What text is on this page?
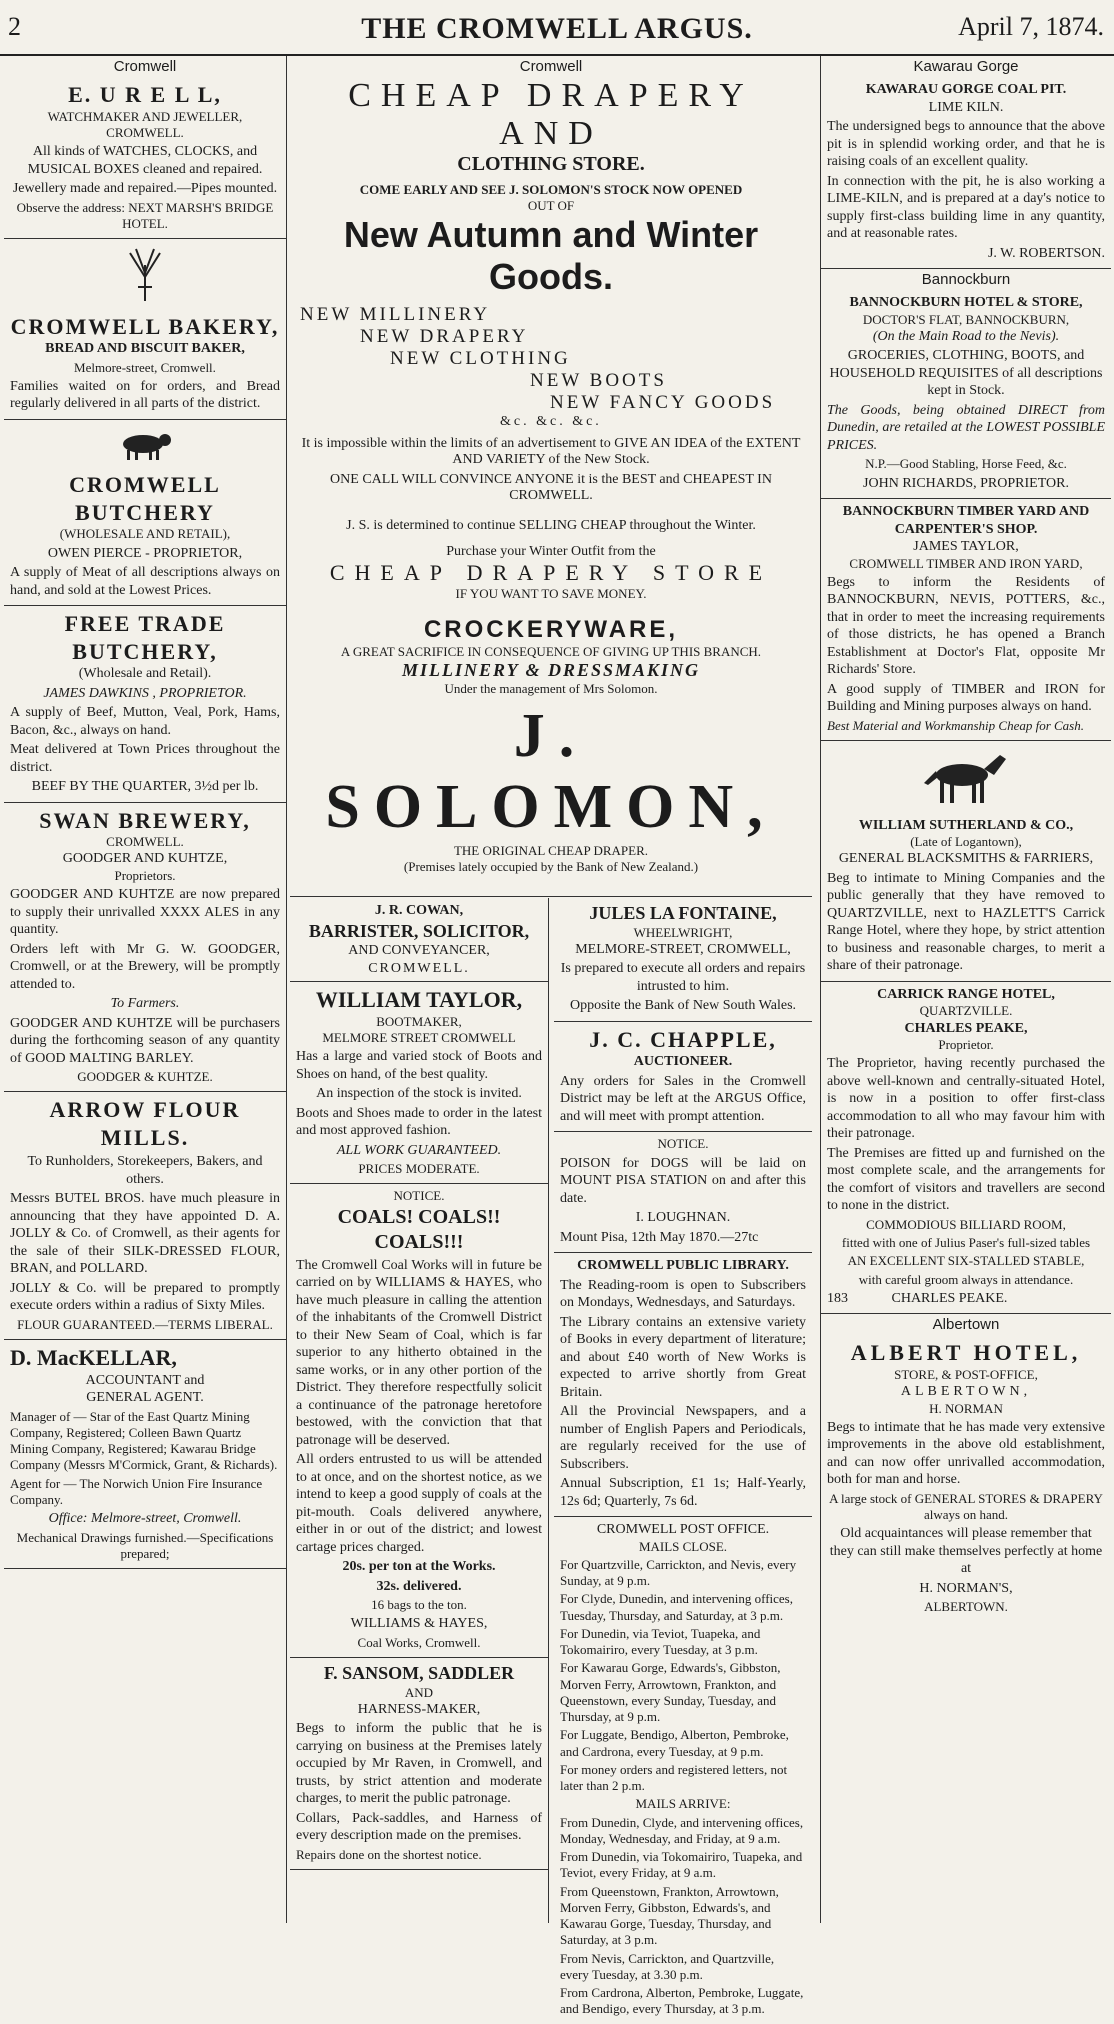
2	THE CROMWELL ARGUS.	April 7, 1874.
Cromwell
E. U R E L L,
WATCHMAKER AND JEWELLER, CROMWELL.

All kinds of WATCHES, CLOCKS, and MUSICAL BOXES cleaned and repaired.

Jewellery made and repaired.—Pipes mounted.

Observe the address: NEXT MARSH'S BRIDGE HOTEL.

CROMWELL BAKERY,
BREAD AND BISCUIT BAKER,

Melmore-street, Cromwell.

Families waited on for orders, and Bread regularly delivered in all parts of the district.

CROMWELL BUTCHERY
(WHOLESALE AND RETAIL),

OWEN PIERCE - PROPRIETOR,

A supply of Meat of all descriptions always on hand, and sold at the Lowest Prices.

FREE TRADE BUTCHERY,
(Wholesale and Retail).

JAMES DAWKINS , PROPRIETOR.

A supply of Beef, Mutton, Veal, Pork, Hams, Bacon, &c., always on hand.

Meat delivered at Town Prices throughout the district.

BEEF BY THE QUARTER, 3½d per lb.

SWAN BREWERY,
CROMWELL.
GOODGER AND KUHTZE,
Proprietors.

GOODGER AND KUHTZE are now prepared to supply their unrivalled XXXX ALES in any quantity.

Orders left with Mr G. W. GOODGER, Cromwell, or at the Brewery, will be promptly attended to.

To Farmers.

GOODGER AND KUHTZE will be purchasers during the forthcoming season of any quantity of GOOD MALTING BARLEY.

GOODGER & KUHTZE.

ARROW FLOUR MILLS.

To Runholders, Storekeepers, Bakers, and others.

Messrs BUTEL BROS. have much pleasure in announcing that they have appointed D. A. JOLLY & Co. of Cromwell, as their agents for the sale of their SILK-DRESSED FLOUR, BRAN, and POLLARD.

JOLLY & Co. will be prepared to promptly execute orders within a radius of Sixty Miles.

FLOUR GUARANTEED.—TERMS LIBERAL.

D. MacKELLAR,
ACCOUNTANT and
GENERAL AGENT.

Manager of — Star of the East Quartz Mining Company, Registered; Colleen Bawn Quartz Mining Company, Registered; Kawarau Bridge Company (Messrs M'Cormick, Grant, & Richards).

Agent for — The Norwich Union Fire Insurance Company.

Office: Melmore-street, Cromwell.

Mechanical Drawings furnished.—Specifications prepared;

Cromwell
CHEAP DRAPERY AND
CLOTHING STORE.
COME EARLY AND SEE J. SOLOMON'S STOCK NOW OPENED
OUT OF
New Autumn and Winter Goods.
NEW MILLINERY
NEW DRAPERY
NEW CLOTHING
NEW BOOTS
NEW FANCY GOODS
&c. &c. &c.
It is impossible within the limits of an advertisement to GIVE AN IDEA of the EXTENT AND VARIETY of the New Stock.
ONE CALL WILL CONVINCE ANYONE it is the BEST and CHEAPEST IN CROMWELL.
J. S. is determined to continue SELLING CHEAP throughout the Winter.
Purchase your Winter Outfit from the
CHEAP DRAPERY STORE
IF YOU WANT TO SAVE MONEY.
CROCKERYWARE,
A GREAT SACRIFICE IN CONSEQUENCE OF GIVING UP THIS BRANCH.
MILLINERY & DRESSMAKING
Under the management of Mrs Solomon.
J. SOLOMON,
THE ORIGINAL CHEAP DRAPER.
(Premises lately occupied by the Bank of New Zealand.)
J. R. COWAN,
BARRISTER, SOLICITOR,
AND CONVEYANCER,
CROMWELL.
WILLIAM TAYLOR,
BOOTMAKER,
MELMORE STREET CROMWELL

Has a large and varied stock of Boots and Shoes on hand, of the best quality.

An inspection of the stock is invited.

Boots and Shoes made to order in the latest and most approved fashion.

ALL WORK GUARANTEED.

PRICES MODERATE.

NOTICE.
COALS! COALS!! COALS!!!

The Cromwell Coal Works will in future be carried on by WILLIAMS & HAYES, who have much pleasure in calling the attention of the inhabitants of the Cromwell District to their New Seam of Coal, which is far superior to any hitherto obtained in the same works, or in any other portion of the District. They therefore respectfully solicit a continuance of the patronage heretofore bestowed, with the conviction that that patronage will be deserved.

All orders entrusted to us will be attended to at once, and on the shortest notice, as we intend to keep a good supply of coals at the pit-mouth. Coals delivered anywhere, either in or out of the district; and lowest cartage prices charged.

20s. per ton at the Works.

32s. delivered.

16 bags to the ton.

WILLIAMS & HAYES,

Coal Works, Cromwell.

F. SANSOM, SADDLER
AND
HARNESS-MAKER,

Begs to inform the public that he is carrying on business at the Premises lately occupied by Mr Raven, in Cromwell, and trusts, by strict attention and moderate charges, to merit the public patronage.

Collars, Pack-saddles, and Harness of every description made on the premises.

Repairs done on the shortest notice.

JULES LA FONTAINE,
WHEELWRIGHT,
MELMORE-STREET, CROMWELL,

Is prepared to execute all orders and repairs intrusted to him.

Opposite the Bank of New South Wales.

J. C. CHAPPLE,
AUCTIONEER.

Any orders for Sales in the Cromwell District may be left at the ARGUS Office, and will meet with prompt attention.

NOTICE.

POISON for DOGS will be laid on MOUNT PISA STATION on and after this date.

I. LOUGHNAN.

Mount Pisa, 12th May 1870.—27tc

CROMWELL PUBLIC LIBRARY.

The Reading-room is open to Subscribers on Mondays, Wednesdays, and Saturdays.

The Library contains an extensive variety of Books in every department of literature; and about £40 worth of New Works is expected to arrive shortly from Great Britain.

All the Provincial Newspapers, and a number of English Papers and Periodicals, are regularly received for the use of Subscribers.

Annual Subscription, £1 1s; Half-Yearly, 12s 6d; Quarterly, 7s 6d.

CROMWELL POST OFFICE.
MAILS CLOSE.

For Quartzville, Carrickton, and Nevis, every Sunday, at 9 p.m.

For Clyde, Dunedin, and intervening offices, Tuesday, Thursday, and Saturday, at 3 p.m.

For Dunedin, via Teviot, Tuapeka, and Tokomairiro, every Tuesday, at 3 p.m.

For Kawarau Gorge, Edwards's, Gibbston, Morven Ferry, Arrowtown, Frankton, and Queenstown, every Sunday, Tuesday, and Thursday, at 9 p.m.

For Luggate, Bendigo, Alberton, Pembroke, and Cardrona, every Tuesday, at 9 p.m.

For money orders and registered letters, not later than 2 p.m.

MAILS ARRIVE:

From Dunedin, Clyde, and intervening offices, Monday, Wednesday, and Friday, at 9 a.m.

From Dunedin, via Tokomairiro, Tuapeka, and Teviot, every Friday, at 9 a.m.

From Queenstown, Frankton, Arrowtown, Morven Ferry, Gibbston, Edwards's, and Kawarau Gorge, Tuesday, Thursday, and Saturday, at 3 p.m.

From Nevis, Carrickton, and Quartzville, every Tuesday, at 3.30 p.m.

From Cardrona, Alberton, Pembroke, Luggate, and Bendigo, every Thursday, at 3 p.m.

Kawarau Gorge
KAWARAU GORGE COAL PIT.
LIME KILN.

The undersigned begs to announce that the above pit is in splendid working order, and that he is raising coals of an excellent quality.

In connection with the pit, he is also working a LIME-KILN, and is prepared at a day's notice to supply first-class building lime in any quantity, and at reasonable rates.

J. W. ROBERTSON.

Bannockburn
BANNOCKBURN HOTEL & STORE,
DOCTOR'S FLAT, BANNOCKBURN,
(On the Main Road to the Nevis).

GROCERIES, CLOTHING, BOOTS, and HOUSEHOLD REQUISITES of all descriptions kept in Stock.

The Goods, being obtained DIRECT from Dunedin, are retailed at the LOWEST POSSIBLE PRICES.

N.P.—Good Stabling, Horse Feed, &c.

JOHN RICHARDS, PROPRIETOR.

BANNOCKBURN TIMBER YARD AND CARPENTER'S SHOP.
JAMES TAYLOR,
CROMWELL TIMBER AND IRON YARD,

Begs to inform the Residents of BANNOCKBURN, NEVIS, POTTERS, &c., that in order to meet the increasing requirements of those districts, he has opened a Branch Establishment at Doctor's Flat, opposite Mr Richards' Store.

A good supply of TIMBER and IRON for Building and Mining purposes always on hand.

Best Material and Workmanship Cheap for Cash.

WILLIAM SUTHERLAND & CO.,
(Late of Logantown),
GENERAL BLACKSMITHS & FARRIERS,

Beg to intimate to Mining Companies and the public generally that they have removed to QUARTZVILLE, next to HAZLETT'S Carrick Range Hotel, where they hope, by strict attention to business and reasonable charges, to merit a share of their patronage.

CARRICK RANGE HOTEL,
QUARTZVILLE.
CHARLES PEAKE,
Proprietor.

The Proprietor, having recently purchased the above well-known and centrally-situated Hotel, is now in a position to offer first-class accommodation to all who may favour him with their patronage.

The Premises are fitted up and furnished on the most complete scale, and the arrangements for the comfort of visitors and travellers are second to none in the district.

COMMODIOUS BILLIARD ROOM,

fitted with one of Julius Paser's full-sized tables

AN EXCELLENT SIX-STALLED STABLE,

with careful groom always in attendance.

183	CHARLES PEAKE.

Albertown
ALBERT HOTEL,
STORE, & POST-OFFICE,
ALBERTOWN,
H. NORMAN

Begs to intimate that he has made very extensive improvements in the above old establishment, and can now offer unrivalled accommodation, both for man and horse.

A large stock of GENERAL STORES & DRAPERY always on hand.

Old acquaintances will please remember that they can still make themselves perfectly at home at

H. NORMAN'S,

ALBERTOWN.
